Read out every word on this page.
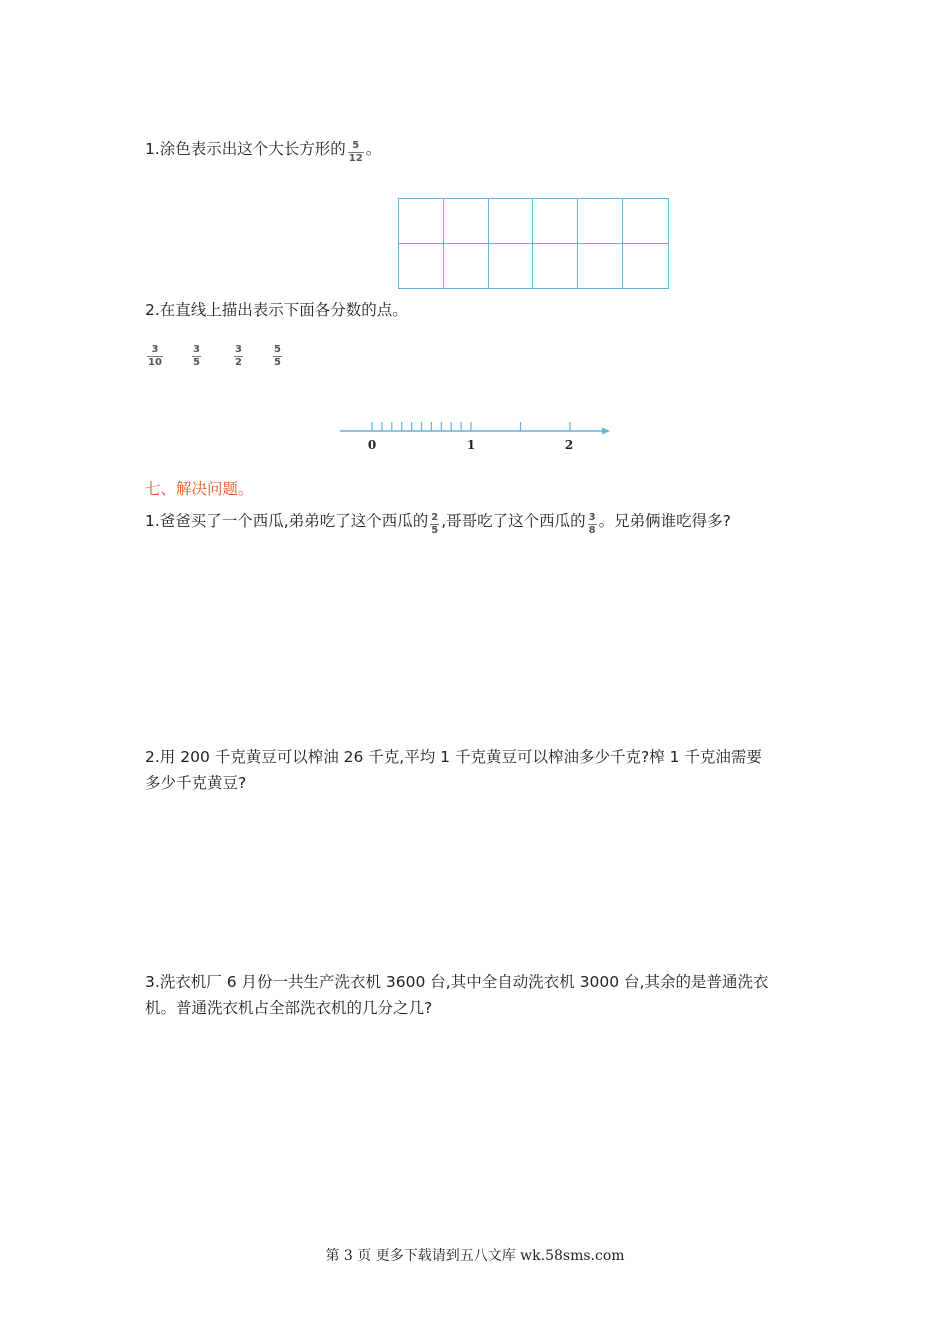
1.涂色表示出这个大长方形的 $\frac{5}{12}$ 。
2.在直线上描出表示下面各分数的点。
$\frac{3}{10}$	$\frac{3}{5}$	$\frac{3}{2}$	$\frac{5}{5}$
0	1	2
七、解决问题。
1.爸爸买了一个西瓜,弟弟吃了这个西瓜的 $\frac{2}{5}$ ,哥哥吃了这个西瓜的 $\frac{3}{8}$ 。兄弟俩谁吃得多?
2.用 200 千克黄豆可以榨油 26 千克,平均 1 千克黄豆可以榨油多少千克?榨 1 千克油需要
多少千克黄豆?
3.洗衣机厂 6 月份一共生产洗衣机 3600 台,其中全自动洗衣机 3000 台,其余的是普通洗衣
机。普通洗衣机占全部洗衣机的几分之几?
第 3 页 更多下载请到五八文库 wk.58sms.com
